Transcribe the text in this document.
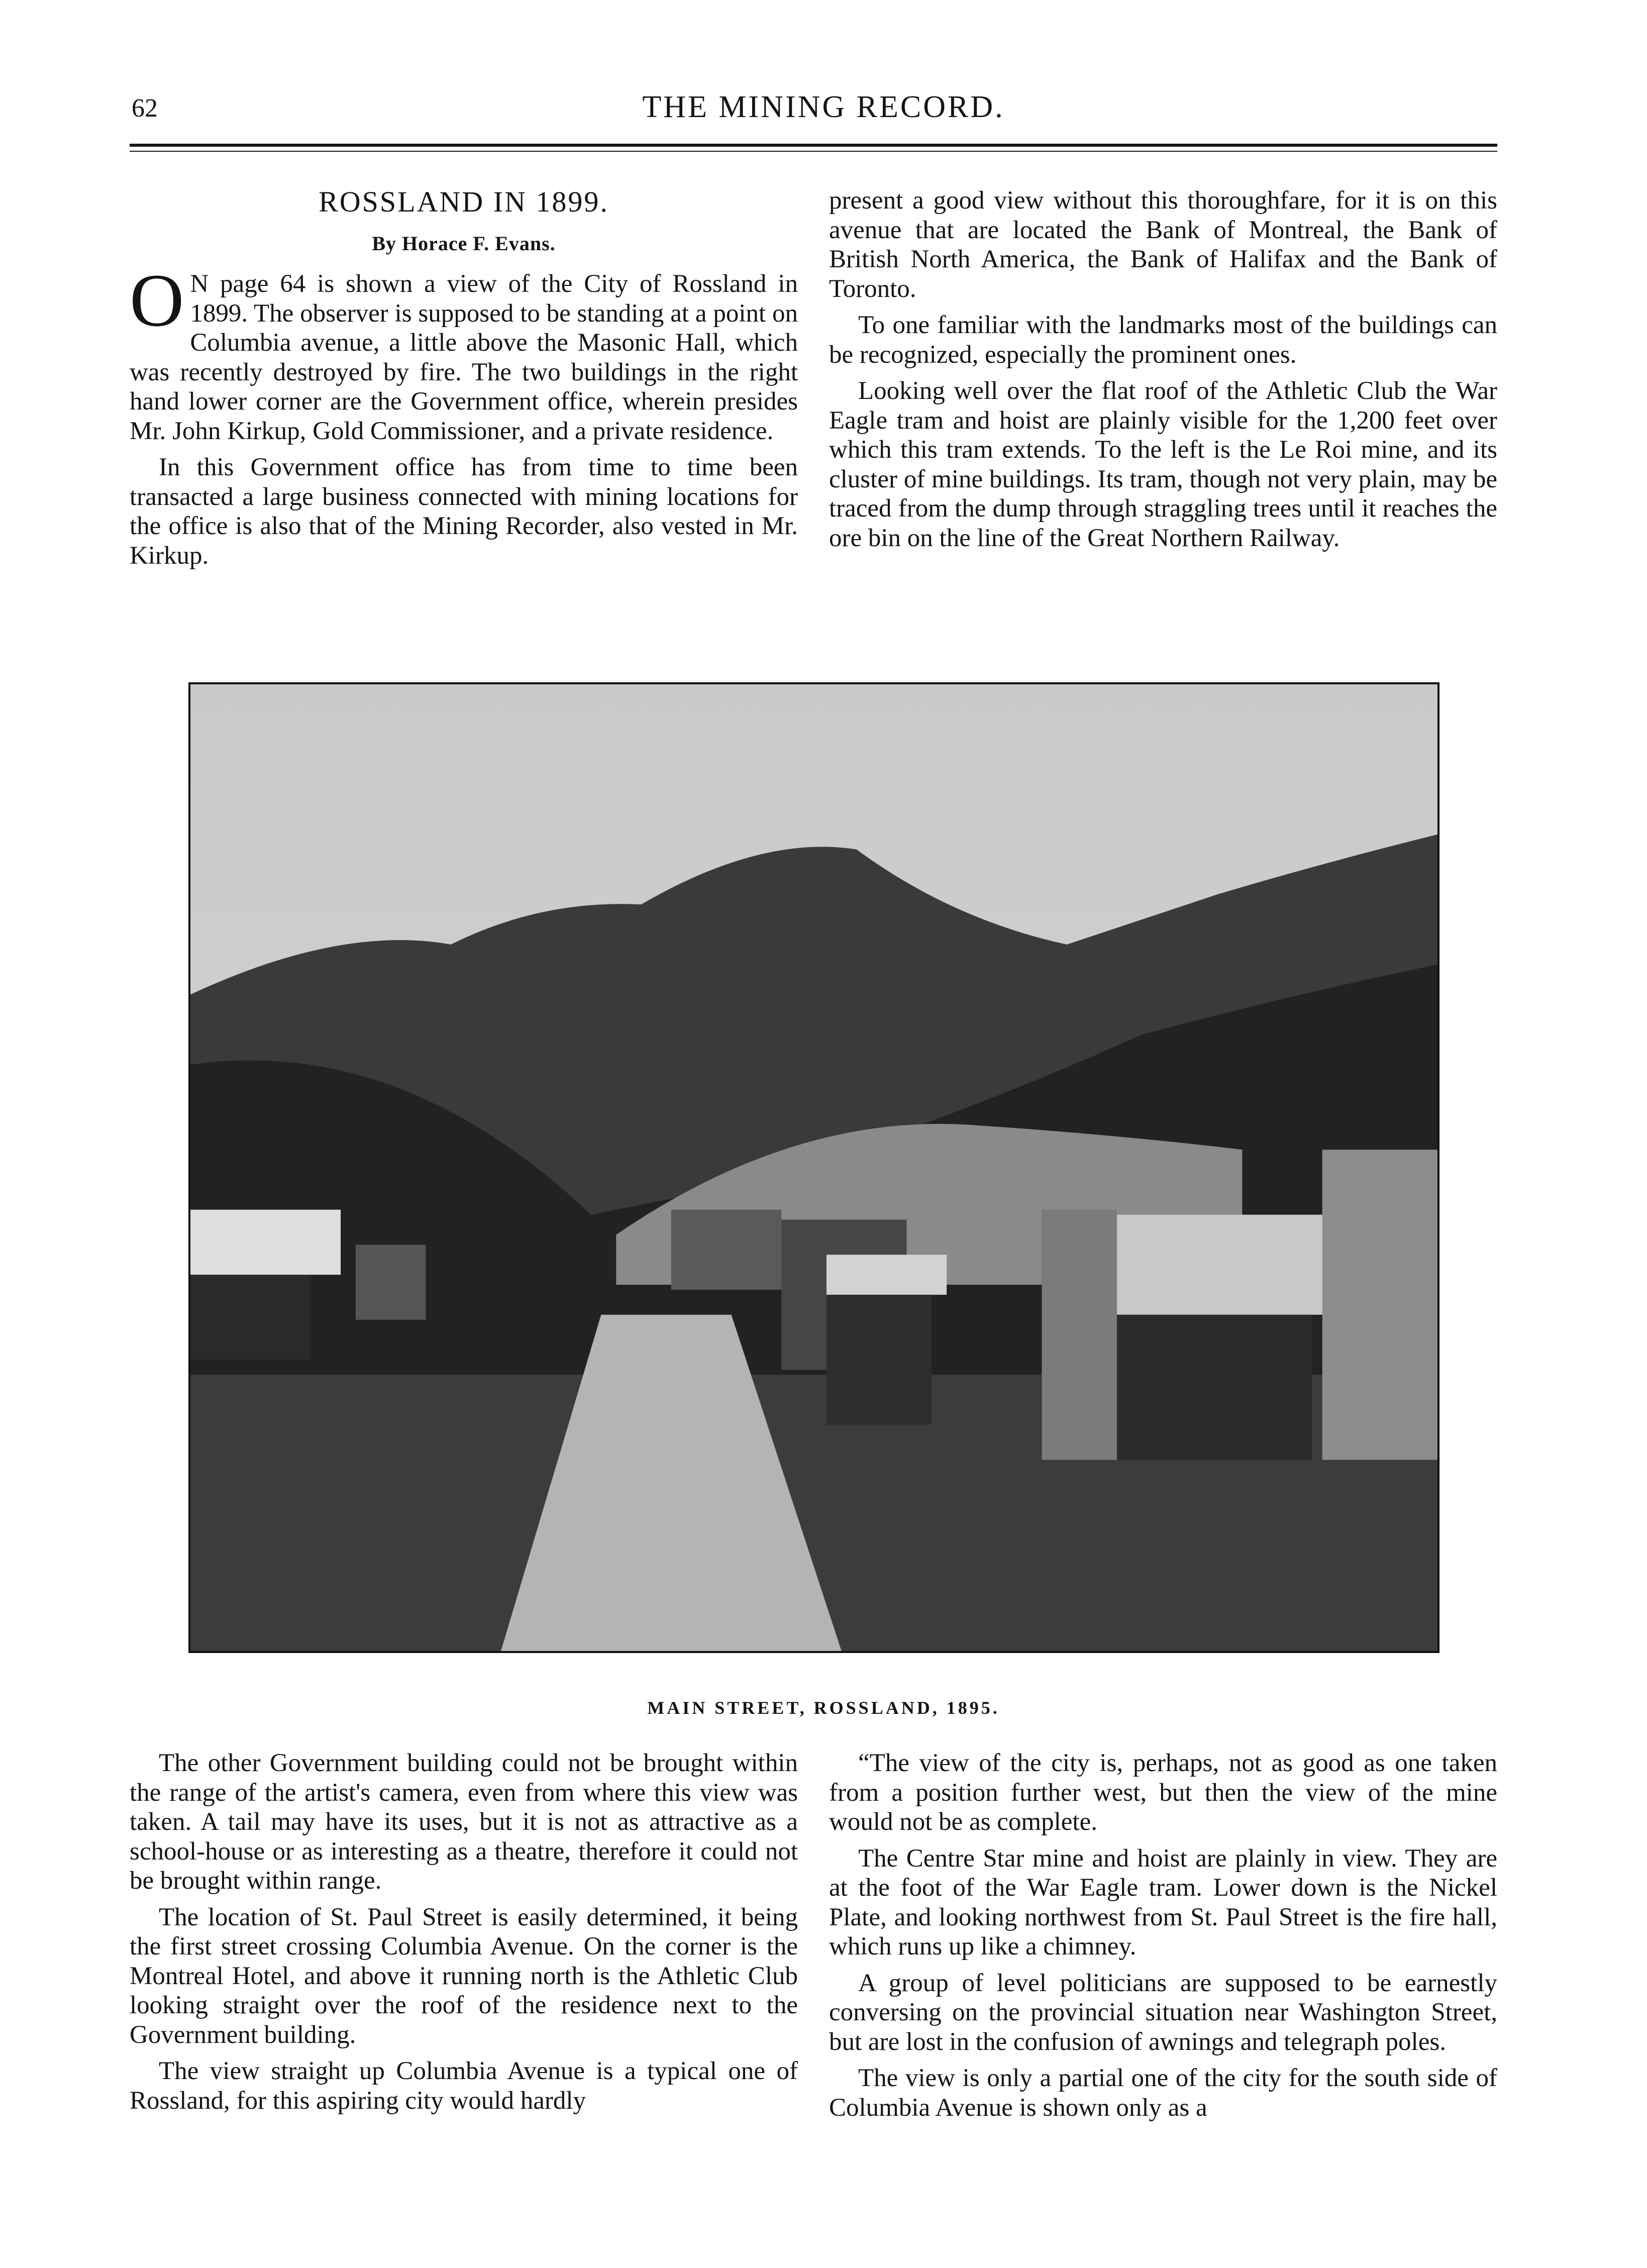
62	THE MINING RECORD.
ROSSLAND IN 1899.
By Horace F. Evans.

O N page 64 is shown a view of the City of Rossland in 1899. The observer is supposed to be standing at a point on Columbia avenue, a little above the Masonic Hall, which was recently destroyed by fire. The two buildings in the right hand lower corner are the Government office, wherein presides Mr. John Kirkup, Gold Commissioner, and a private residence.

In this Government office has from time to time been transacted a large business connected with mining locations for the office is also that of the Mining Recorder, also vested in Mr. Kirkup.

present a good view without this thoroughfare, for it is on this avenue that are located the Bank of Montreal, the Bank of British North America, the Bank of Halifax and the Bank of Toronto.

To one familiar with the landmarks most of the buildings can be recognized, especially the prominent ones.

Looking well over the flat roof of the Athletic Club the War Eagle tram and hoist are plainly visible for the 1,200 feet over which this tram extends. To the left is the Le Roi mine, and its cluster of mine buildings. Its tram, though not very plain, may be traced from the dump through straggling trees until it reaches the ore bin on the line of the Great Northern Railway.

MAIN STREET, ROSSLAND, 1895.

The other Government building could not be brought within the range of the artist's camera, even from where this view was taken. A tail may have its uses, but it is not as attractive as a school-house or as interesting as a theatre, therefore it could not be brought within range.

The location of St. Paul Street is easily determined, it being the first street crossing Columbia Avenue. On the corner is the Montreal Hotel, and above it running north is the Athletic Club looking straight over the roof of the residence next to the Government building.

The view straight up Columbia Avenue is a typical one of Rossland, for this aspiring city would hardly

“The view of the city is, perhaps, not as good as one taken from a position further west, but then the view of the mine would not be as complete.

The Centre Star mine and hoist are plainly in view. They are at the foot of the War Eagle tram. Lower down is the Nickel Plate, and looking northwest from St. Paul Street is the fire hall, which runs up like a chimney.

A group of level politicians are supposed to be earnestly conversing on the provincial situation near Washington Street, but are lost in the confusion of awnings and telegraph poles.

The view is only a partial one of the city for the south side of Columbia Avenue is shown only as a
